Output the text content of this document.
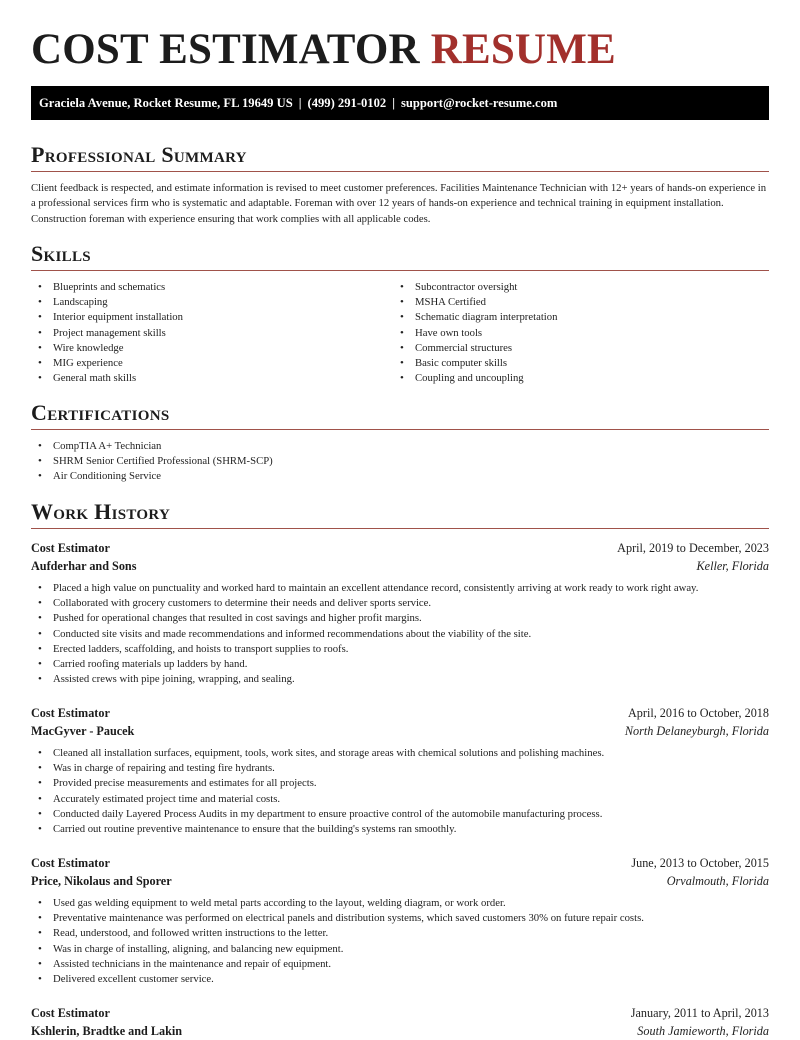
COST ESTIMATOR RESUME
Graciela Avenue, Rocket Resume, FL 19649 US | (499) 291-0102 | support@rocket-resume.com
Professional Summary

Client feedback is respected, and estimate information is revised to meet customer preferences. Facilities Maintenance Technician with 12+ years of hands-on experience in a professional services firm who is systematic and adaptable. Foreman with over 12 years of hands-on experience and technical training in equipment installation. Construction foreman with experience ensuring that work complies with all applicable codes.

Skills
• Blueprints and schematics
• Landscaping
• Interior equipment installation
• Project management skills
• Wire knowledge
• MIG experience
• General math skills
• Subcontractor oversight
• MSHA Certified
• Schematic diagram interpretation
• Have own tools
• Commercial structures
• Basic computer skills
• Coupling and uncoupling
Certifications
• CompTIA A+ Technician
• SHRM Senior Certified Professional (SHRM-SCP)
• Air Conditioning Service
Work History
Cost Estimator	April, 2019 to December, 2023
Aufderhar and Sons	Keller, Florida
• Placed a high value on punctuality and worked hard to maintain an excellent attendance record, consistently arriving at work ready to work right away.
• Collaborated with grocery customers to determine their needs and deliver sports service.
• Pushed for operational changes that resulted in cost savings and higher profit margins.
• Conducted site visits and made recommendations and informed recommendations about the viability of the site.
• Erected ladders, scaffolding, and hoists to transport supplies to roofs.
• Carried roofing materials up ladders by hand.
• Assisted crews with pipe joining, wrapping, and sealing.
Cost Estimator	April, 2016 to October, 2018
MacGyver - Paucek	North Delaneyburgh, Florida
• Cleaned all installation surfaces, equipment, tools, work sites, and storage areas with chemical solutions and polishing machines.
• Was in charge of repairing and testing fire hydrants.
• Provided precise measurements and estimates for all projects.
• Accurately estimated project time and material costs.
• Conducted daily Layered Process Audits in my department to ensure proactive control of the automobile manufacturing process.
• Carried out routine preventive maintenance to ensure that the building's systems ran smoothly.
Cost Estimator	June, 2013 to October, 2015
Price, Nikolaus and Sporer	Orvalmouth, Florida
• Used gas welding equipment to weld metal parts according to the layout, welding diagram, or work order.
• Preventative maintenance was performed on electrical panels and distribution systems, which saved customers 30% on future repair costs.
• Read, understood, and followed written instructions to the letter.
• Was in charge of installing, aligning, and balancing new equipment.
• Assisted technicians in the maintenance and repair of equipment.
• Delivered excellent customer service.
Cost Estimator	January, 2011 to April, 2013
Kshlerin, Bradtke and Lakin	South Jamieworth, Florida
